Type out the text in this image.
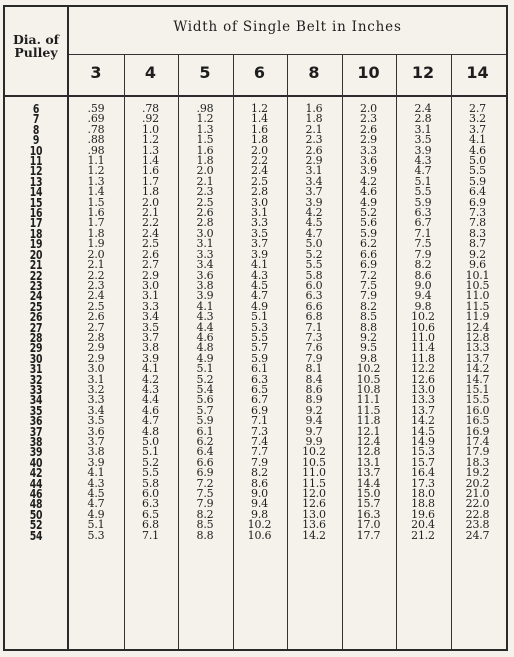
Dia. of
Pulley
Width of Single Belt in Inches
3
.59
.69
.78
.88
.98
1.1
1.2
1.3
1.4
1.5
1.6
1.7
1.8
1.9
2.0
2.1
2.2
2.3
2.4
2.5
2.6
2.7
2.8
2.9
2.9
3.0
3.1
3.2
3.3
3.4
3.5
3.6
3.7
3.8
3.9
4.1
4.3
4.5
4.7
4.9
5.1
5.3
4
.78
.92
1.0
1.2
1.3
1.4
1.6
1.7
1.8
2.0
2.1
2.2
2.4
2.5
2.6
2.7
2.9
3.0
3.1
3.3
3.4
3.5
3.7
3.8
3.9
4.1
4.2
4.3
4.4
4.6
4.7
4.8
5.0
5.1
5.2
5.5
5.8
6.0
6.3
6.5
6.8
7.1
5
.98
1.2
1.3
1.5
1.6
1.8
2.0
2.1
2.3
2.5
2.6
2.8
3.0
3.1
3.3
3.4
3.6
3.8
3.9
4.1
4.3
4.4
4.6
4.8
4.9
5.1
5.2
5.4
5.6
5.7
5.9
6.1
6.2
6.4
6.6
6.9
7.2
7.5
7.9
8.2
8.5
8.8
6
1.2
1.4
1.6
1.8
2.0
2.2
2.4
2.5
2.8
3.0
3.1
3.3
3.5
3.7
3.9
4.1
4.3
4.5
4.7
4.9
5.1
5.3
5.5
5.7
5.9
6.1
6.3
6.5
6.7
6.9
7.1
7.3
7.4
7.7
7.9
8.2
8.6
9.0
9.4
9.8
10.2
10.6
8
1.6
1.8
2.1
2.3
2.6
2.9
3.1
3.4
3.7
3.9
4.2
4.5
4.7
5.0
5.2
5.5
5.8
6.0
6.3
6.6
6.8
7.1
7.3
7.6
7.9
8.1
8.4
8.6
8.9
9.2
9.4
9.7
9.9
10.2
10.5
11.0
11.5
12.0
12.6
13.0
13.6
14.2
10
2.0
2.3
2.6
2.9
3.3
3.6
3.9
4.2
4.6
4.9
5.2
5.6
5.9
6.2
6.6
6.9
7.2
7.5
7.9
8.2
8.5
8.8
9.2
9.5
9.8
10.2
10.5
10.8
11.1
11.5
11.8
12.1
12.4
12.8
13.1
13.7
14.4
15.0
15.7
16.3
17.0
17.7
12
2.4
2.8
3.1
3.5
3.9
4.3
4.7
5.1
5.5
5.9
6.3
6.7
7.1
7.5
7.9
8.2
8.6
9.0
9.4
9.8
10.2
10.6
11.0
11.4
11.8
12.2
12.6
13.0
13.3
13.7
14.2
14.5
14.9
15.3
15.7
16.4
17.3
18.0
18.8
19.6
20.4
21.2
14
2.7
3.2
3.7
4.1
4.6
5.0
5.5
5.9
6.4
6.9
7.3
7.8
8.3
8.7
9.2
9.6
10.1
10.5
11.0
11.5
11.9
12.4
12.8
13.3
13.7
14.2
14.7
15.1
15.5
16.0
16.5
16.9
17.4
17.9
18.3
19.2
20.2
21.0
22.0
22.8
23.8
24.7
6
7
8
9
10
11
12
13
14
15
16
17
18
19
20
21
22
23
24
25
26
27
28
29
30
31
32
33
34
35
36
37
38
39
40
42
44
46
48
50
52
54
